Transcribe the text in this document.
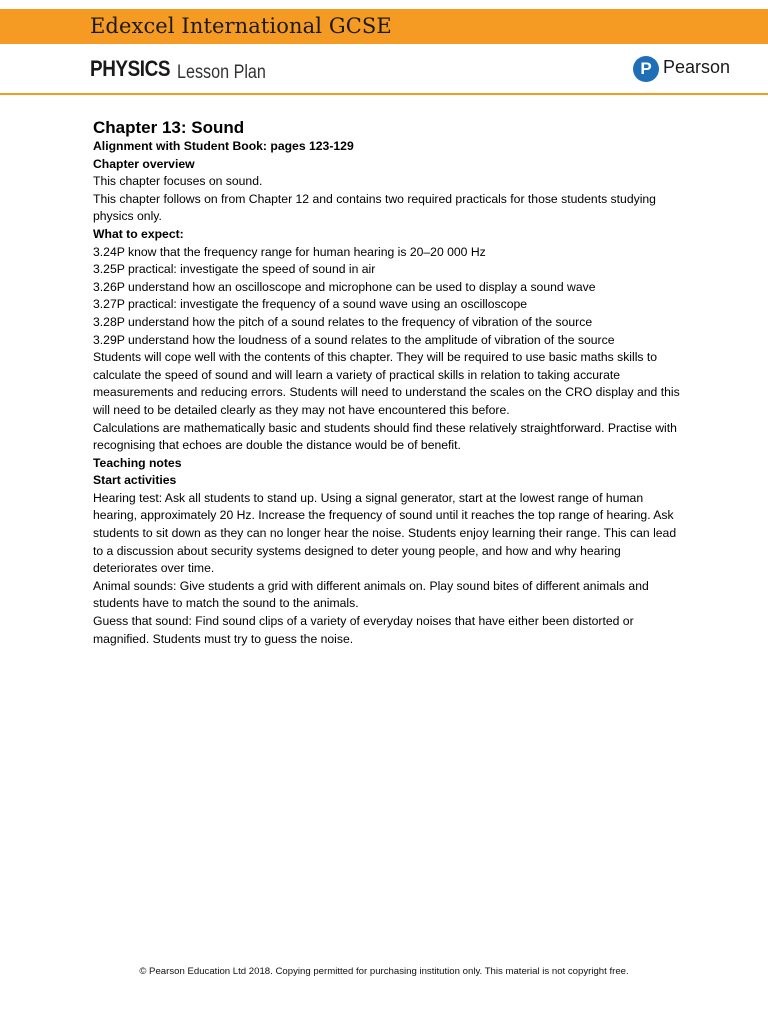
Edexcel International GCSE
PHYSICS Lesson Plan	P Pearson
Chapter 13: Sound

Alignment with Student Book: pages 123-129

Chapter overview

This chapter focuses on sound.

This chapter follows on from Chapter 12 and contains two required practicals for those students studying physics only.

What to expect:

3.24P know that the frequency range for human hearing is 20–20 000 Hz

3.25P practical: investigate the speed of sound in air

3.26P understand how an oscilloscope and microphone can be used to display a sound wave

3.27P practical: investigate the frequency of a sound wave using an oscilloscope

3.28P understand how the pitch of a sound relates to the frequency of vibration of the source

3.29P understand how the loudness of a sound relates to the amplitude of vibration of the source

Students will cope well with the contents of this chapter. They will be required to use basic maths skills to calculate the speed of sound and will learn a variety of practical skills in relation to taking accurate measurements and reducing errors. Students will need to understand the scales on the CRO display and this will need to be detailed clearly as they may not have encountered this before.

Calculations are mathematically basic and students should find these relatively straightforward. Practise with recognising that echoes are double the distance would be of benefit.

Teaching notes
Start activities

Hearing test: Ask all students to stand up. Using a signal generator, start at the lowest range of human hearing, approximately 20 Hz. Increase the frequency of sound until it reaches the top range of hearing. Ask students to sit down as they can no longer hear the noise. Students enjoy learning their range. This can lead to a discussion about security systems designed to deter young people, and how and why hearing deteriorates over time.

Animal sounds: Give students a grid with different animals on. Play sound bites of different animals and students have to match the sound to the animals.

Guess that sound: Find sound clips of a variety of everyday noises that have either been distorted or magnified. Students must try to guess the noise.

© Pearson Education Ltd 2018. Copying permitted for purchasing institution only. This material is not copyright free.
